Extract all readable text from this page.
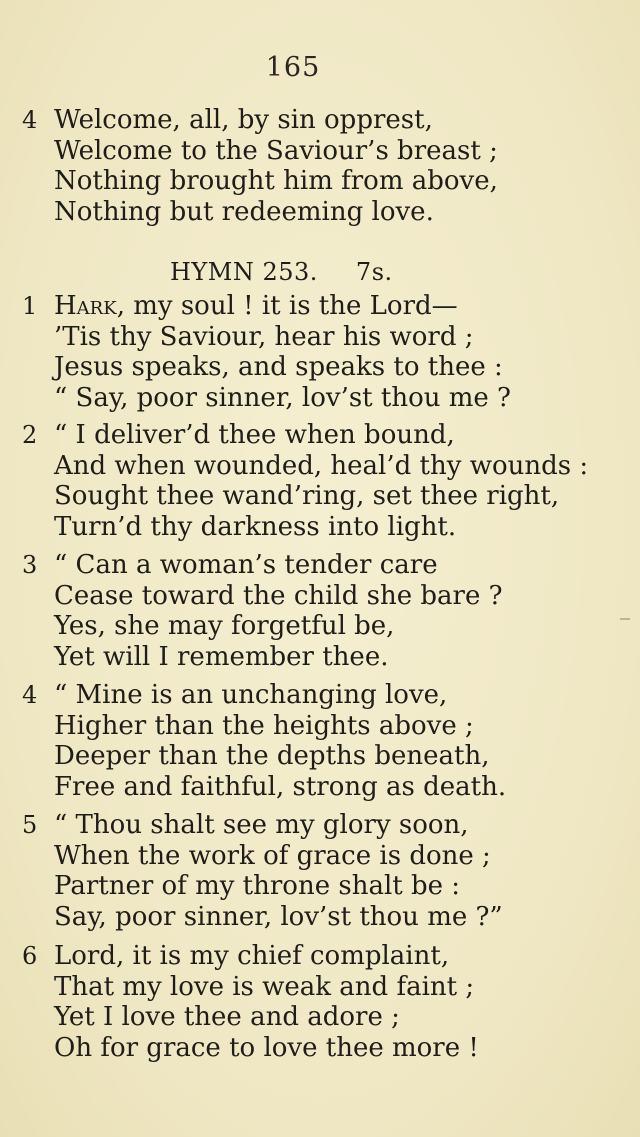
165
4 Welcome, all, by sin opprest,
Welcome to the Saviour’s breast ;
Nothing brought him from above,
Nothing but redeeming love.
HYMN 253. 7s.
1 Hark, my soul ! it is the Lord—
’Tis thy Saviour, hear his word ;
Jesus speaks, and speaks to thee :
“ Say, poor sinner, lov’st thou me ?
2 “ I deliver’d thee when bound,
And when wounded, heal’d thy wounds :
Sought thee wand’ring, set thee right,
Turn’d thy darkness into light.
3 “ Can a woman’s tender care
Cease toward the child she bare ?
Yes, she may forgetful be,
Yet will I remember thee.
4 “ Mine is an unchanging love,
Higher than the heights above ;
Deeper than the depths beneath,
Free and faithful, strong as death.
5 “ Thou shalt see my glory soon,
When the work of grace is done ;
Partner of my throne shalt be :
Say, poor sinner, lov’st thou me ?”
6 Lord, it is my chief complaint,
That my love is weak and faint ;
Yet I love thee and adore ;
Oh for grace to love thee more !
